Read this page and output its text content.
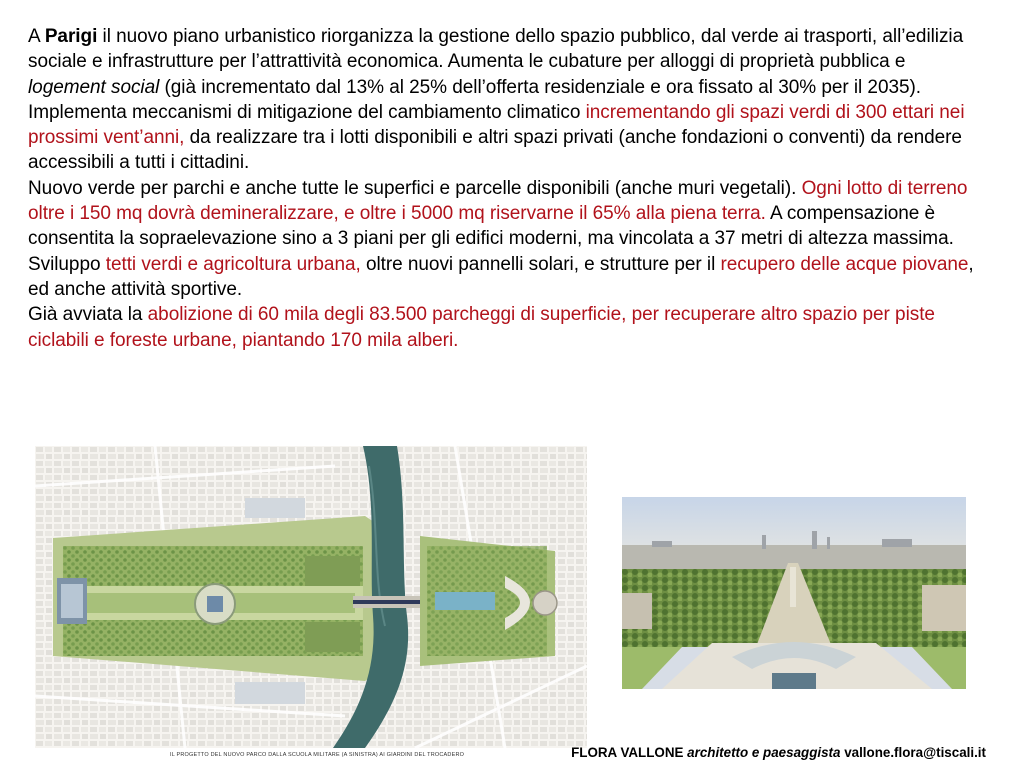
A Parigi il nuovo piano urbanistico riorganizza la gestione dello spazio pubblico, dal verde ai trasporti, all’edilizia sociale e infrastrutture per l’attrattività economica. Aumenta le cubature per alloggi di proprietà pubblica e logement social (già incrementato dal 13% al 25% dell’offerta residenziale e ora fissato al 30% per il 2035). Implementa meccanismi di mitigazione del cambiamento climatico incrementando gli spazi verdi di 300 ettari nei prossimi vent’anni, da realizzare tra i lotti disponibili e altri spazi privati (anche fondazioni o conventi) da rendere accessibili a tutti i cittadini.

Nuovo verde per parchi e anche tutte le superfici e parcelle disponibili (anche muri vegetali). Ogni lotto di terreno oltre i 150 mq dovrà demineralizzare, e oltre i 5000 mq riservarne il 65% alla piena terra. A compensazione è consentita la sopraelevazione sino a 3 piani per gli edifici moderni, ma vincolata a 37 metri di altezza massima. Sviluppo tetti verdi e agricoltura urbana, oltre nuovi pannelli solari, e strutture per il recupero delle acque piovane, ed anche attività sportive.

Già avviata la abolizione di 60 mila degli 83.500 parcheggi di superficie, per recuperare altro spazio per piste ciclabili e foreste urbane, piantando 170 mila alberi.

IL PROGETTO DEL NUOVO PARCO DALLA SCUOLA MILITARE (A SINISTRA) AI GIARDINI DEL TROCADERO	FLORA VALLONE architetto e paesaggista vallone.flora@tiscali.it
